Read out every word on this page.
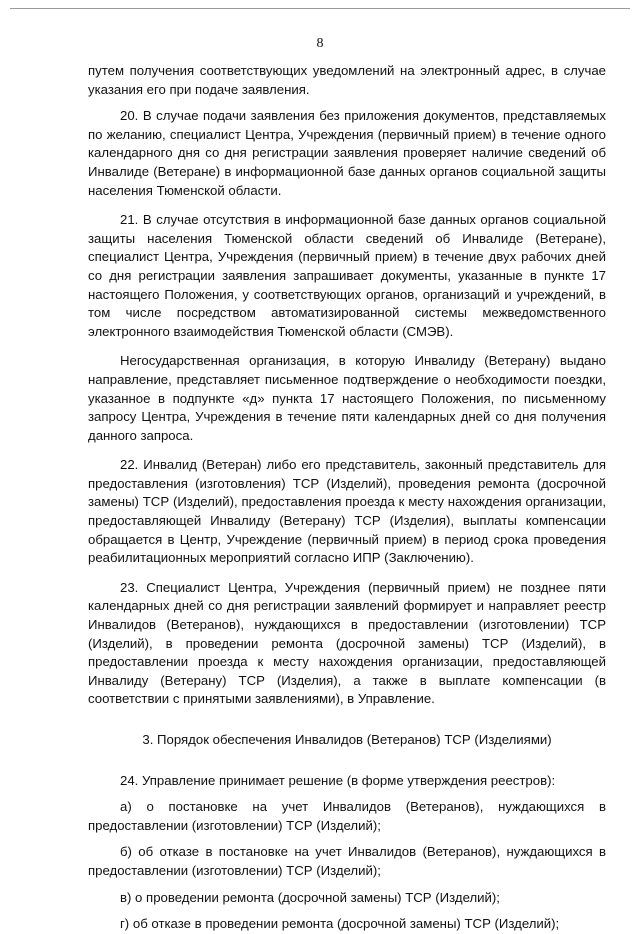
8

путем получения соответствующих уведомлений на электронный адрес, в случае указания его при подаче заявления.

20. В случае подачи заявления без приложения документов, представляемых по желанию, специалист Центра, Учреждения (первичный прием) в течение одного календарного дня со дня регистрации заявления проверяет наличие сведений об Инвалиде (Ветеране) в информационной базе данных органов социальной защиты населения Тюменской области.

21. В случае отсутствия в информационной базе данных органов социальной защиты населения Тюменской области сведений об Инвалиде (Ветеране), специалист Центра, Учреждения (первичный прием) в течение двух рабочих дней со дня регистрации заявления запрашивает документы, указанные в пункте 17 настоящего Положения, у соответствующих органов, организаций и учреждений, в том числе посредством автоматизированной системы межведомственного электронного взаимодействия Тюменской области (СМЭВ).

Негосударственная организация, в которую Инвалиду (Ветерану) выдано направление, представляет письменное подтверждение о необходимости поездки, указанное в подпункте «д» пункта 17 настоящего Положения, по письменному запросу Центра, Учреждения в течение пяти календарных дней со дня получения данного запроса.

22. Инвалид (Ветеран) либо его представитель, законный представитель для предоставления (изготовления) ТСР (Изделий), проведения ремонта (досрочной замены) ТСР (Изделий), предоставления проезда к месту нахождения организации, предоставляющей Инвалиду (Ветерану) ТСР (Изделия), выплаты компенсации обращается в Центр, Учреждение (первичный прием) в период срока проведения реабилитационных мероприятий согласно ИПР (Заключению).

23. Специалист Центра, Учреждения (первичный прием) не позднее пяти календарных дней со дня регистрации заявлений формирует и направляет реестр Инвалидов (Ветеранов), нуждающихся в предоставлении (изготовлении) ТСР (Изделий), в проведении ремонта (досрочной замены) ТСР (Изделий), в предоставлении проезда к месту нахождения организации, предоставляющей Инвалиду (Ветерану) ТСР (Изделия), а также в выплате компенсации (в соответствии с принятыми заявлениями), в Управление.

3. Порядок обеспечения Инвалидов (Ветеранов) ТСР (Изделиями)

24. Управление принимает решение (в форме утверждения реестров):

а) о постановке на учет Инвалидов (Ветеранов), нуждающихся в предоставлении (изготовлении) ТСР (Изделий);

б) об отказе в постановке на учет Инвалидов (Ветеранов), нуждающихся в предоставлении (изготовлении) ТСР (Изделий);

в) о проведении ремонта (досрочной замены) ТСР (Изделий);

г) об отказе в проведении ремонта (досрочной замены) ТСР (Изделий);
